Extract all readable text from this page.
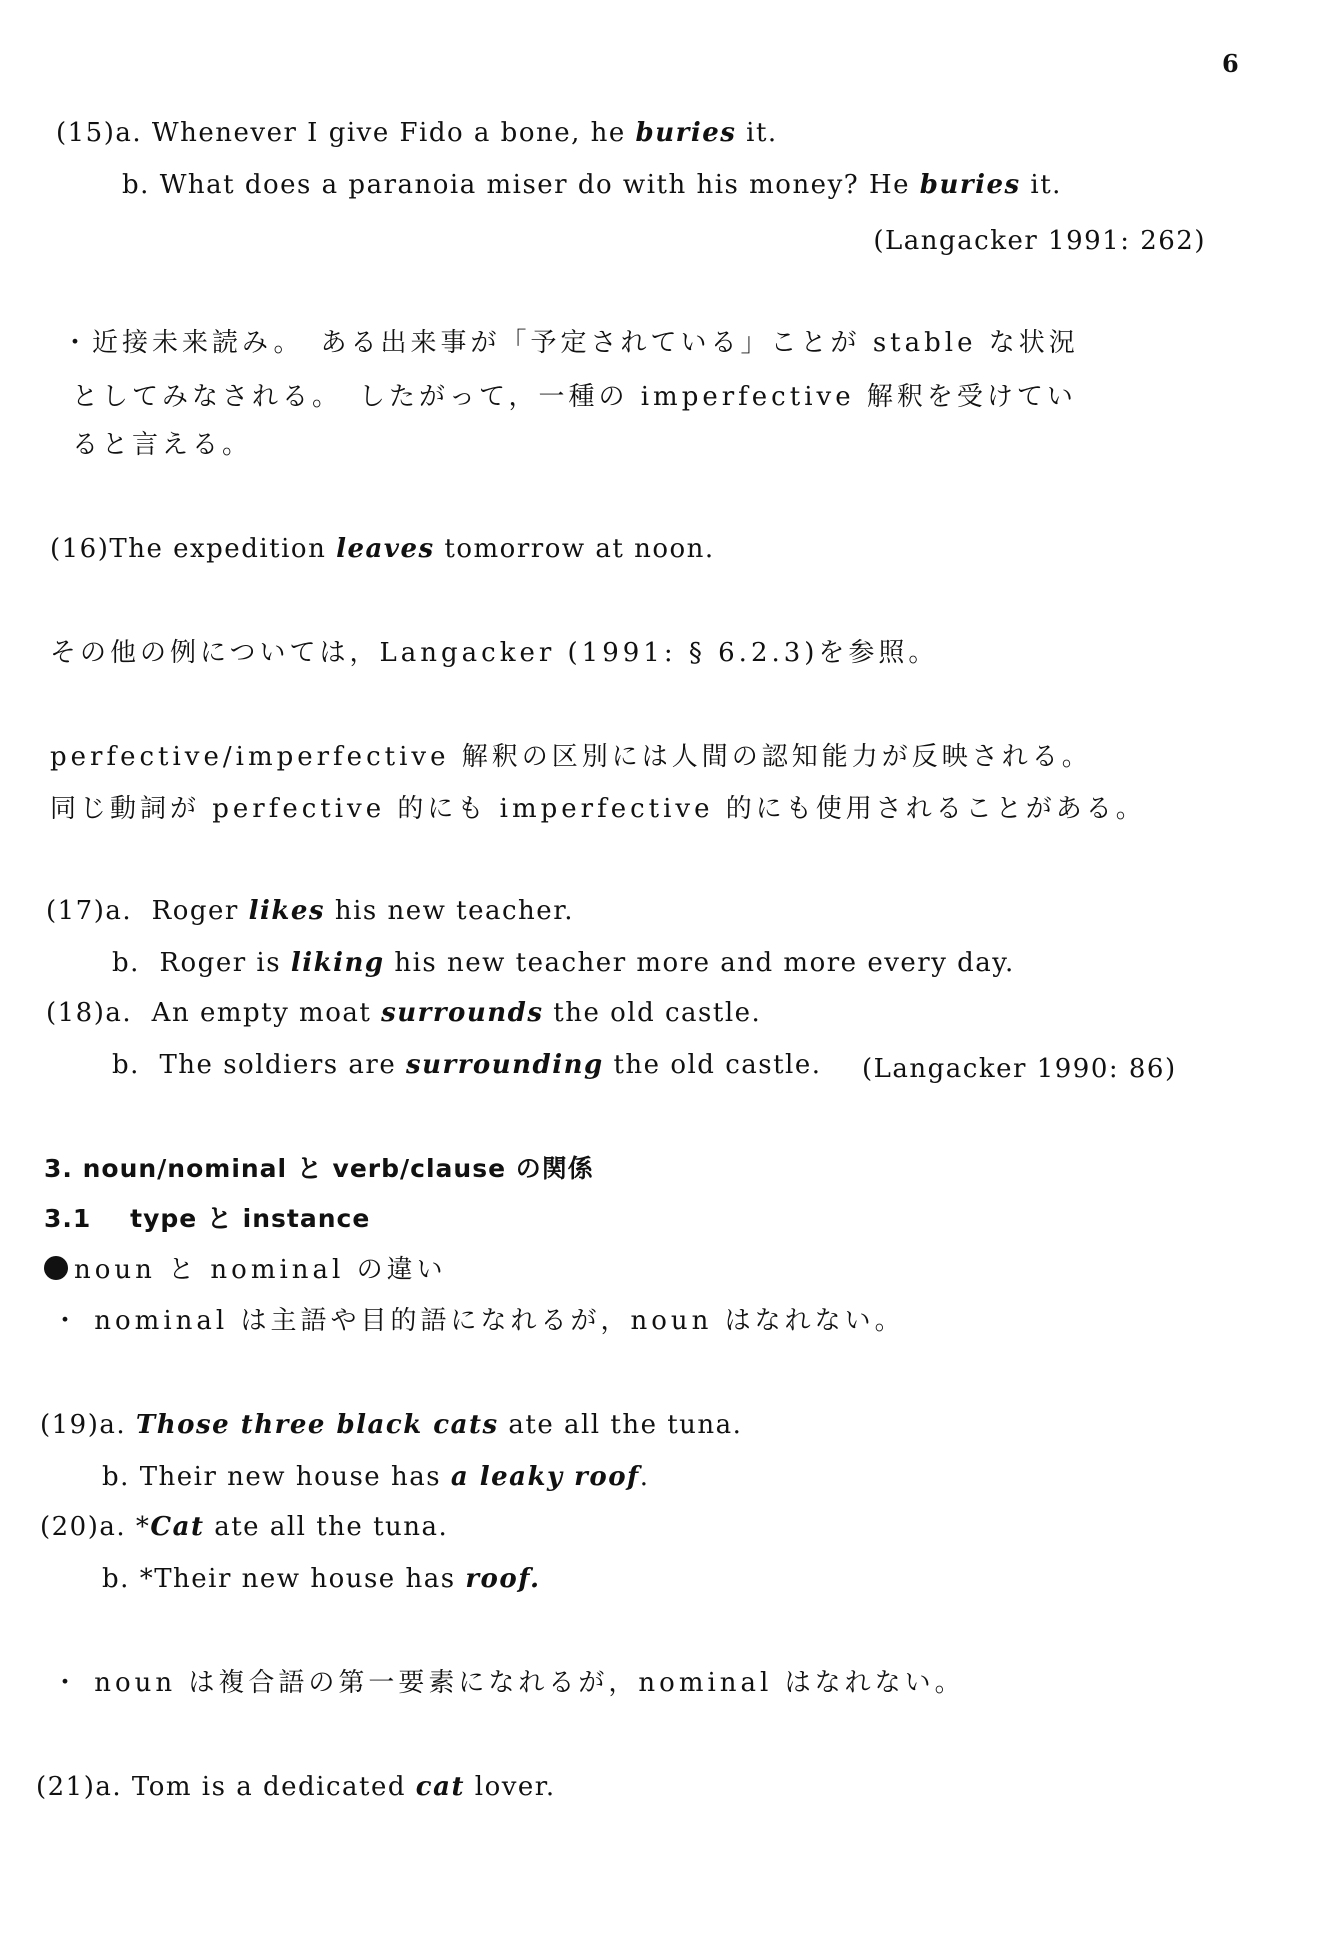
6
(15)a. Whenever I give Fido a bone, he buries it.
b. What does a paranoia miser do with his money? He buries it.
(Langacker 1991: 262)
・近接未来読み。　ある出来事が「予定されている」ことが stable な状況
としてみなされる。　したがって，一種の imperfective 解釈を受けてい
ると言える。
(16)The expedition leaves tomorrow at noon.
その他の例については，Langacker (1991: § 6.2.3)を参照。
perfective/imperfective 解釈の区別には人間の認知能力が反映される。
同じ動詞が perfective 的にも imperfective 的にも使用されることがある。
(17)a. Roger likes his new teacher.
b. Roger is liking his new teacher more and more every day.
(18)a. An empty moat surrounds the old castle.
b. The soldiers are surrounding the old castle. (Langacker 1990: 86)
3. noun/nominal と verb/clause の関係
3.1 type と instance
noun と nominal の違い
・ nominal は主語や目的語になれるが，noun はなれない。
(19)a. Those three black cats ate all the tuna.
b. Their new house has a leaky roof.
(20)a. *Cat ate all the tuna.
b. *Their new house has roof.
・ noun は複合語の第一要素になれるが，nominal はなれない。
(21)a. Tom is a dedicated cat lover.
